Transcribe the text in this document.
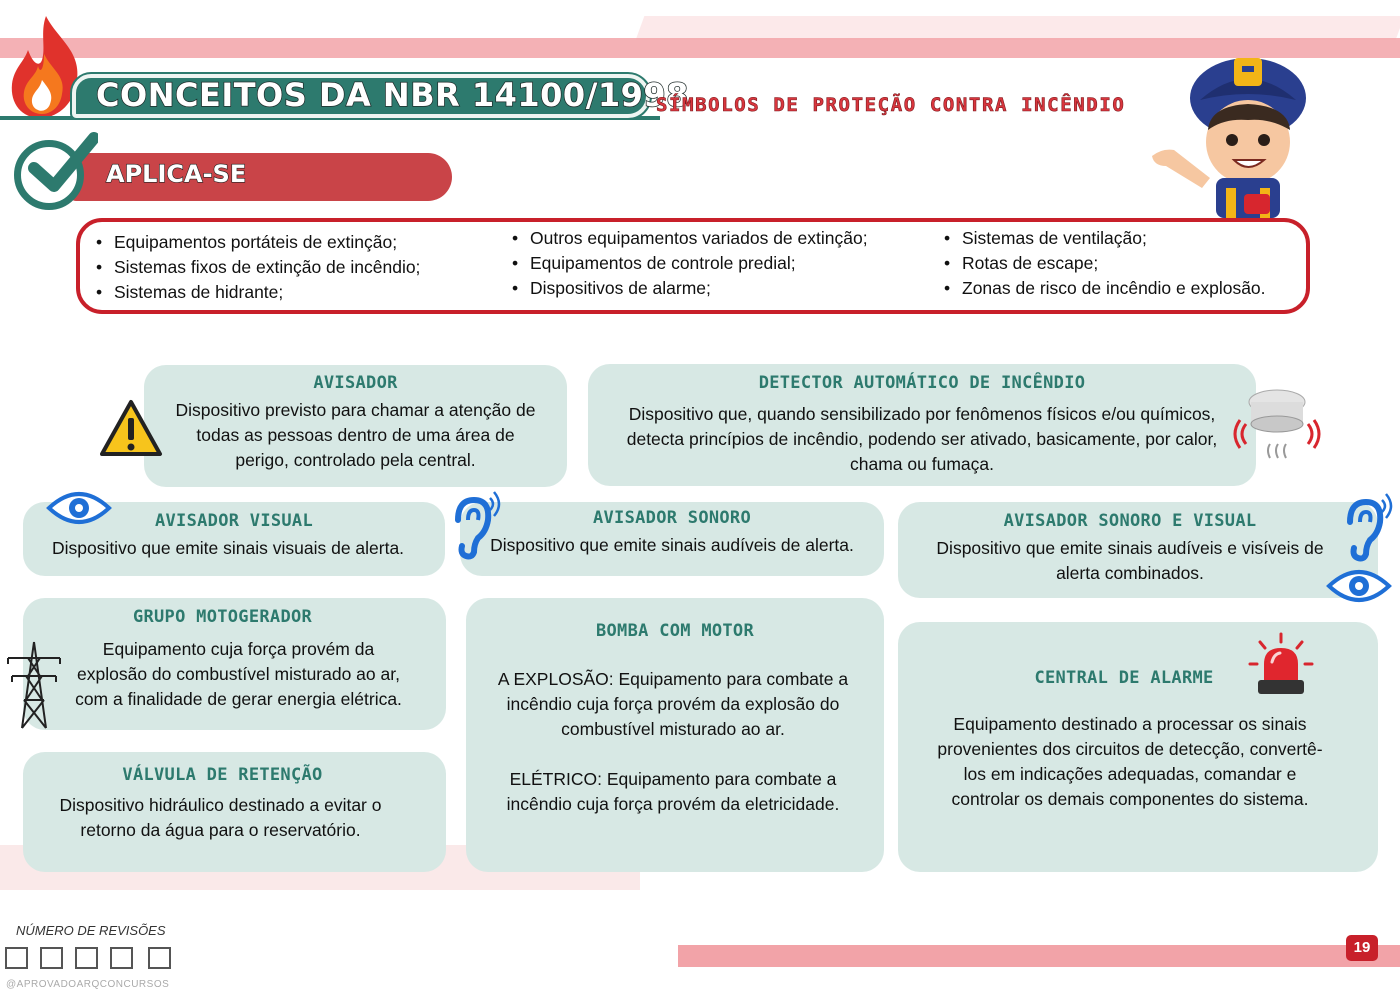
CONCEITOS DA NBR 14100/1998
SÍMBOLOS DE PROTEÇÃO CONTRA INCÊNDIO
APLICA-SE
• Equipamentos portáteis de extinção;
• Sistemas fixos de extinção de incêndio;
• Sistemas de hidrante;
• Outros equipamentos variados de extinção;
• Equipamentos de controle predial;
• Dispositivos de alarme;
• Sistemas de ventilação;
• Rotas de escape;
• Zonas de risco de incêndio e explosão.
AVISADOR
Dispositivo previsto para chamar a atenção de
todas as pessoas dentro de uma área de
perigo, controlado pela central.
DETECTOR AUTOMÁTICO DE INCÊNDIO
Dispositivo que, quando sensibilizado por fenômenos físicos e/ou químicos,
detecta princípios de incêndio, podendo ser ativado, basicamente, por calor,
chama ou fumaça.
AVISADOR VISUAL
Dispositivo que emite sinais visuais de alerta.
AVISADOR SONORO
Dispositivo que emite sinais audíveis de alerta.
AVISADOR SONORO E VISUAL
Dispositivo que emite sinais audíveis e visíveis de
alerta combinados.
GRUPO MOTOGERADOR
Equipamento cuja força provém da
explosão do combustível misturado ao ar,
com a finalidade de gerar energia elétrica.
BOMBA COM MOTOR
A EXPLOSÃO: Equipamento para combate a
incêndio cuja força provém da explosão do
combustível misturado ao ar.
ELÉTRICO: Equipamento para combate a
incêndio cuja força provém da eletricidade.
CENTRAL DE ALARME
Equipamento destinado a processar os sinais
provenientes dos circuitos de detecção, convertê-
los em indicações adequadas, comandar e
controlar os demais componentes do sistema.
VÁLVULA DE RETENÇÃO
Dispositivo hidráulico destinado a evitar o
retorno da água para o reservatório.
NÚMERO DE REVISÕES
@APROVADOARQCONCURSOS
19
